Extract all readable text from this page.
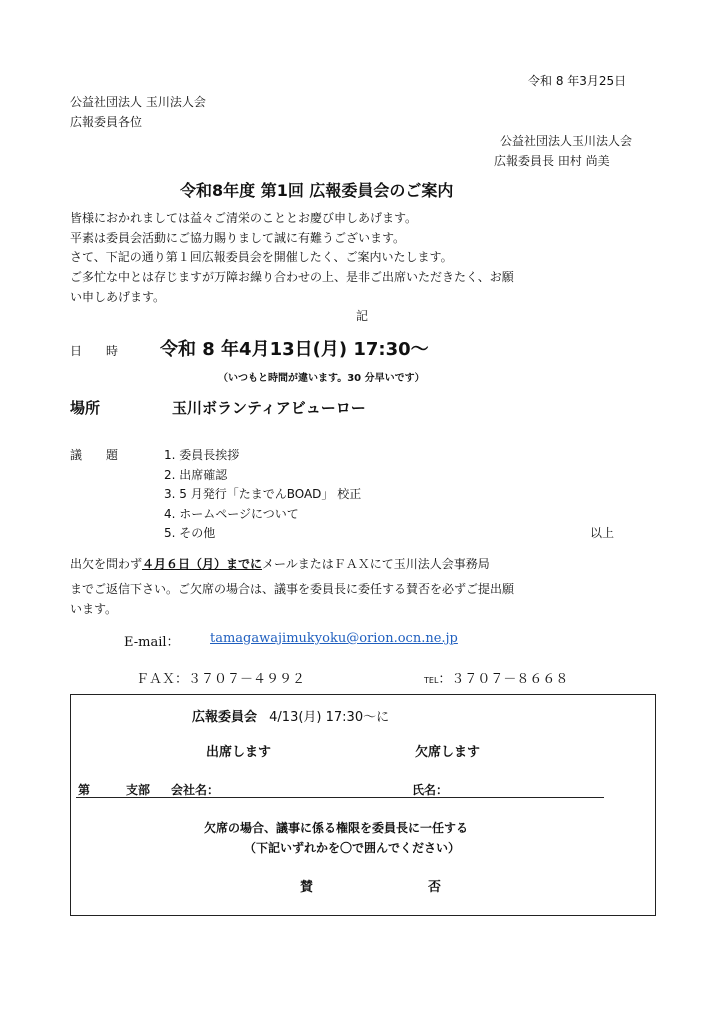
令和 8 年3月25日
公益社団法人 玉川法人会
広報委員各位
公益社団法人玉川法人会
広報委員長 田村 尚美
令和8年度 第1回 広報委員会のご案内
皆様におかれましては益々ご清栄のこととお慶び申しあげます。
平素は委員会活動にご協力賜りまして誠に有難うございます。
さて、下記の通り第１回広報委員会を開催したく、ご案内いたします。
ご多忙な中とは存じますが万障お繰り合わせの上、是非ご出席いただきたく、お願
い申しあげます。
記
日　　時 令和 8 年4月13日(月) 17:30～
（いつもと時間が違います。30 分早いです）
場所	玉川ボランティアビューロー
議　　題	1. 委員長挨拶
2. 出席確認
3. 5 月発行「たまでんBOAD」 校正
4. ホームページについて
5. その他	以上
出欠を問わず４月６日（月）までにメールまたはＦＡＸにて玉川法人会事務局
までご返信下さい。ご欠席の場合は、議事を委員長に委任する賛否を必ずご提出願
います。
E-mail： tamagawajimukyoku@orion.ocn.ne.jp
ＦＡＸ：３７０７－４９９２	TEL：３７０７－８６６８
広報委員会 4/13(月) 17:30～に
出席します	欠席します
第	支部 会社名：	氏名：
欠席の場合、議事に係る権限を委員長に一任する
（下記いずれかを〇で囲んでください）
賛	否
